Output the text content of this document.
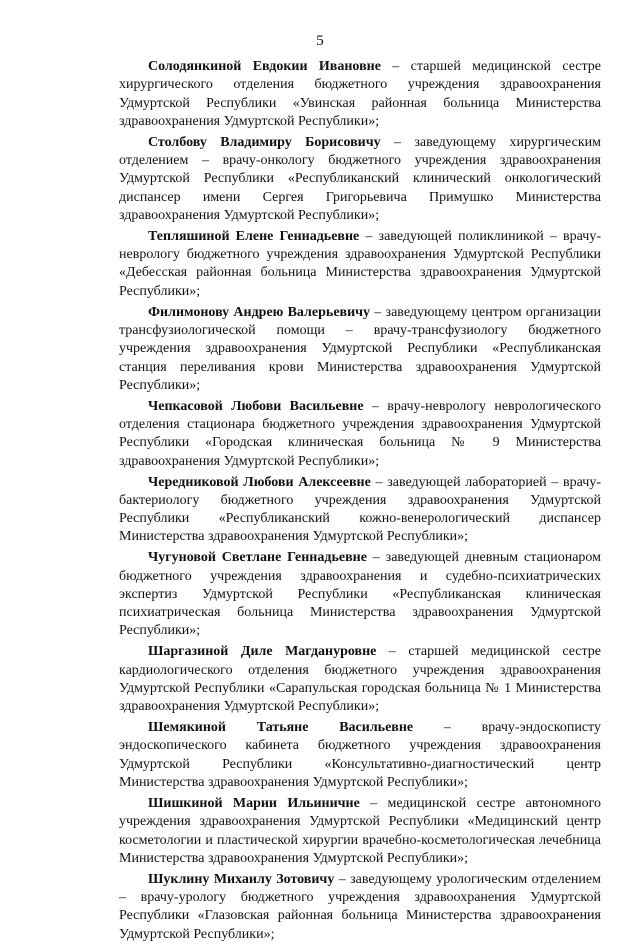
5

Солодянкиной Евдокии Ивановне – старшей медицинской сестре хирургического отделения бюджетного учреждения здравоохранения Удмуртской Республики «Увинская районная больница Министерства здравоохранения Удмуртской Республики»;

Столбову Владимиру Борисовичу – заведующему хирургическим отделением – врачу-онкологу бюджетного учреждения здравоохранения Удмуртской Республики «Республиканский клинический онкологический диспансер имени Сергея Григорьевича Примушко Министерства здравоохранения Удмуртской Республики»;

Тепляшиной Елене Геннадьевне – заведующей поликлиникой – врачу-неврологу бюджетного учреждения здравоохранения Удмуртской Республики «Дебесская районная больница Министерства здравоохранения Удмуртской Республики»;

Филимонову Андрею Валерьевичу – заведующему центром организации трансфузиологической помощи – врачу-трансфузиологу бюджетного учреждения здравоохранения Удмуртской Республики «Республиканская станция переливания крови Министерства здравоохранения Удмуртской Республики»;

Чепкасовой Любови Васильевне – врачу-неврологу неврологического отделения стационара бюджетного учреждения здравоохранения Удмуртской Республики «Городская клиническая больница № 9 Министерства здравоохранения Удмуртской Республики»;

Чередниковой Любови Алексеевне – заведующей лабораторией – врачу-бактериологу бюджетного учреждения здравоохранения Удмуртской Республики «Республиканский кожно-венерологический диспансер Министерства здравоохранения Удмуртской Республики»;

Чугуновой Светлане Геннадьевне – заведующей дневным стационаром бюджетного учреждения здравоохранения и судебно-психиатрических экспертиз Удмуртской Республики «Республиканская клиническая психиатрическая больница Министерства здравоохранения Удмуртской Республики»;

Шаргазиной Диле Магдануровне – старшей медицинской сестре кардиологического отделения бюджетного учреждения здравоохранения Удмуртской Республики «Сарапульская городская больница № 1 Министерства здравоохранения Удмуртской Республики»;

Шемякиной Татьяне Васильевне – врачу-эндоскописту эндоскопического кабинета бюджетного учреждения здравоохранения Удмуртской Республики «Консультативно-диагностический центр Министерства здравоохранения Удмуртской Республики»;

Шишкиной Марии Ильиничне – медицинской сестре автономного учреждения здравоохранения Удмуртской Республики «Медицинский центр косметологии и пластической хирургии врачебно-косметологическая лечебница Министерства здравоохранения Удмуртской Республики»;

Шуклину Михаилу Зотовичу – заведующему урологическим отделением – врачу-урологу бюджетного учреждения здравоохранения Удмуртской Республики «Глазовская районная больница Министерства здравоохранения Удмуртской Республики»;
